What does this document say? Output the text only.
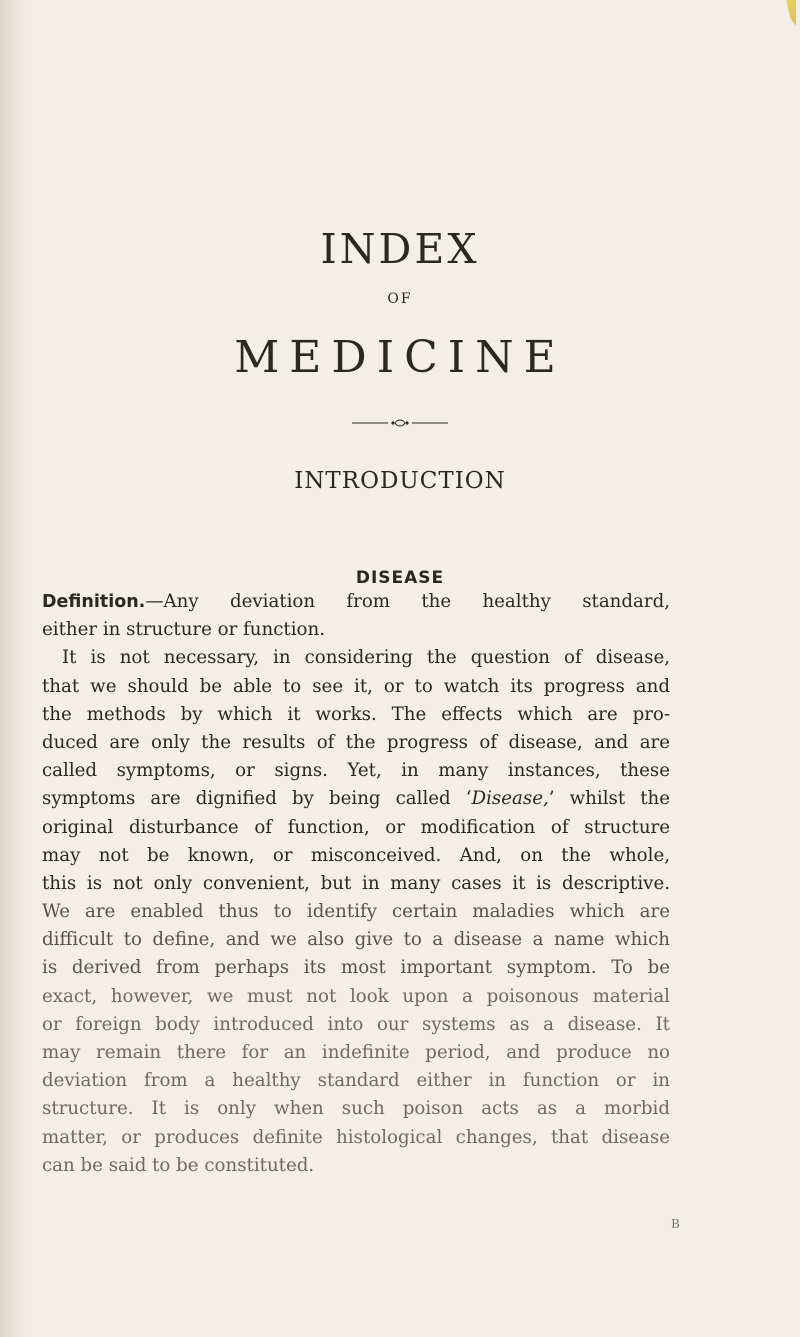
INDEX
OF
MEDICINE
INTRODUCTION
DISEASE
Definition.—Any deviation from the healthy standard,
either in structure or function.
It is not necessary, in considering the question of disease,
that we should be able to see it, or to watch its progress and
the methods by which it works. The effects which are pro-
duced are only the results of the progress of disease, and are
called symptoms, or signs. Yet, in many instances, these
symptoms are dignified by being called ‘Disease,’ whilst the
original disturbance of function, or modification of structure
may not be known, or misconceived. And, on the whole,
this is not only convenient, but in many cases it is descriptive.
We are enabled thus to identify certain maladies which are
difficult to define, and we also give to a disease a name which
is derived from perhaps its most important symptom. To be
exact, however, we must not look upon a poisonous material
or foreign body introduced into our systems as a disease. It
may remain there for an indefinite period, and produce no
deviation from a healthy standard either in function or in
structure. It is only when such poison acts as a morbid
matter, or produces definite histological changes, that disease
can be said to be constituted.
B
